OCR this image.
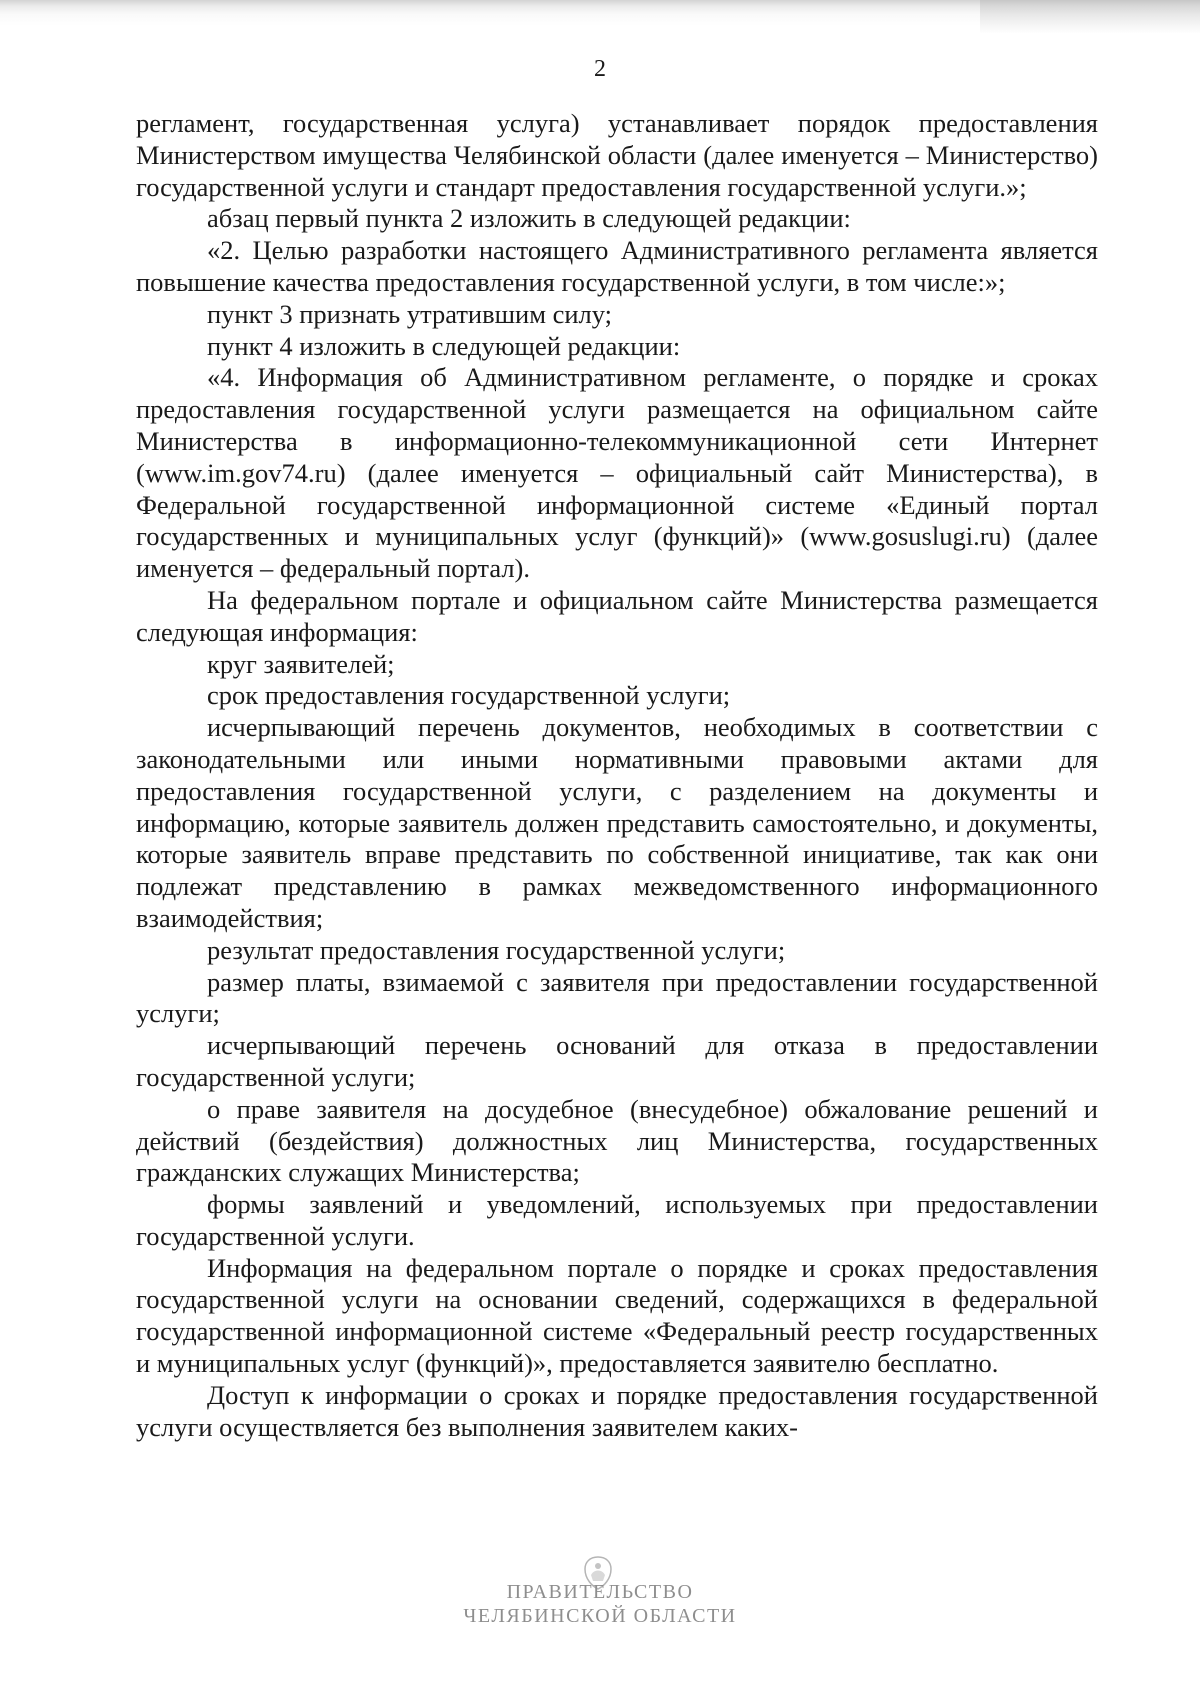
2

регламент, государственная услуга) устанавливает порядок предоставления Министерством имущества Челябинской области (далее именуется – Министерство) государственной услуги и стандарт предоставления государственной услуги.»;

абзац первый пункта 2 изложить в следующей редакции:

«2. Целью разработки настоящего Административного регламента является повышение качества предоставления государственной услуги, в том числе:»;

пункт 3 признать утратившим силу;

пункт 4 изложить в следующей редакции:

«4. Информация об Административном регламенте, о порядке и сроках предоставления государственной услуги размещается на официальном сайте Министерства в информационно-телекоммуникационной сети Интернет (www.im.gov74.ru) (далее именуется – официальный сайт Министерства), в Федеральной государственной информационной системе «Единый портал государственных и муниципальных услуг (функций)» (www.gosuslugi.ru) (далее именуется – федеральный портал).

На федеральном портале и официальном сайте Министерства размещается следующая информация:

круг заявителей;

срок предоставления государственной услуги;

исчерпывающий перечень документов, необходимых в соответствии с законодательными или иными нормативными правовыми актами для предоставления государственной услуги, с разделением на документы и информацию, которые заявитель должен представить самостоятельно, и документы, которые заявитель вправе представить по собственной инициативе, так как они подлежат представлению в рамках межведомственного информационного взаимодействия;

результат предоставления государственной услуги;

размер платы, взимаемой с заявителя при предоставлении государственной услуги;

исчерпывающий перечень оснований для отказа в предоставлении государственной услуги;

о праве заявителя на досудебное (внесудебное) обжалование решений и действий (бездействия) должностных лиц Министерства, государственных гражданских служащих Министерства;

формы заявлений и уведомлений, используемых при предоставлении государственной услуги.

Информация на федеральном портале о порядке и сроках предоставления государственной услуги на основании сведений, содержащихся в федеральной государственной информационной системе «Федеральный реестр государственных и муниципальных услуг (функций)», предоставляется заявителю бесплатно.

Доступ к информации о сроках и порядке предоставления государственной услуги осуществляется без выполнения заявителем каких-

ПРАВИТЕЛЬСТВО
ЧЕЛЯБИНСКОЙ ОБЛАСТИ
